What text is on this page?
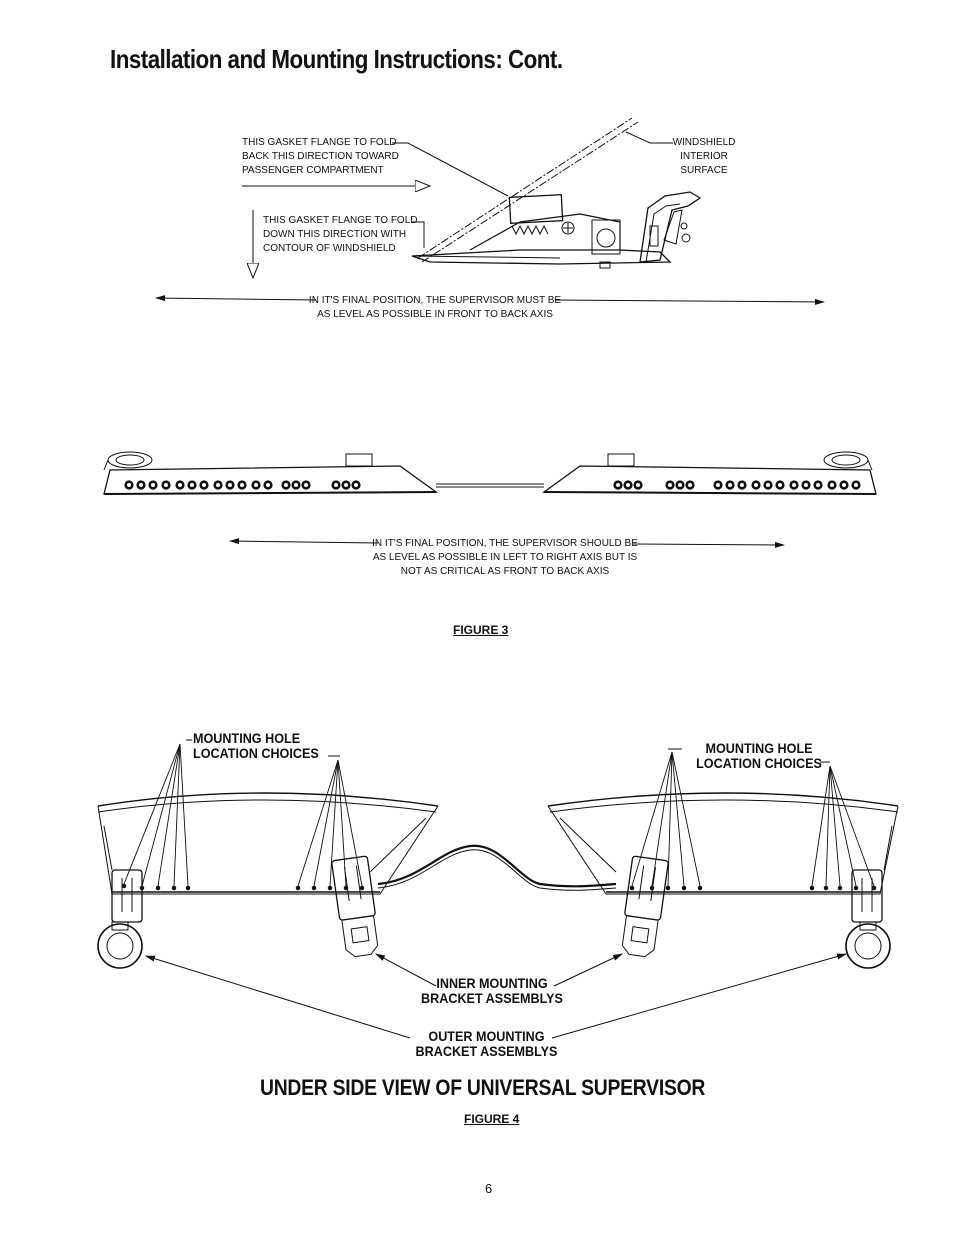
Installation and Mounting Instructions: Cont.
THIS GASKET FLANGE TO FOLD
BACK THIS DIRECTION TOWARD
PASSENGER COMPARTMENT
THIS GASKET FLANGE TO FOLD
DOWN THIS DIRECTION WITH
CONTOUR OF WINDSHIELD
WINDSHIELD
INTERIOR
SURFACE
IN IT'S FINAL POSITION, THE SUPERVISOR MUST BE
AS LEVEL AS POSSIBLE IN FRONT TO BACK AXIS
IN IT'S FINAL POSITION, THE SUPERVISOR SHOULD BE
AS LEVEL AS POSSIBLE IN LEFT TO RIGHT AXIS BUT IS
NOT AS CRITICAL AS FRONT TO BACK AXIS
FIGURE 3
MOUNTING HOLE
LOCATION CHOICES	MOUNTING HOLE
LOCATION CHOICES
INNER MOUNTING
BRACKET ASSEMBLYS
OUTER MOUNTING
BRACKET ASSEMBLYS
UNDER SIDE VIEW OF UNIVERSAL SUPERVISOR
FIGURE 4
6
